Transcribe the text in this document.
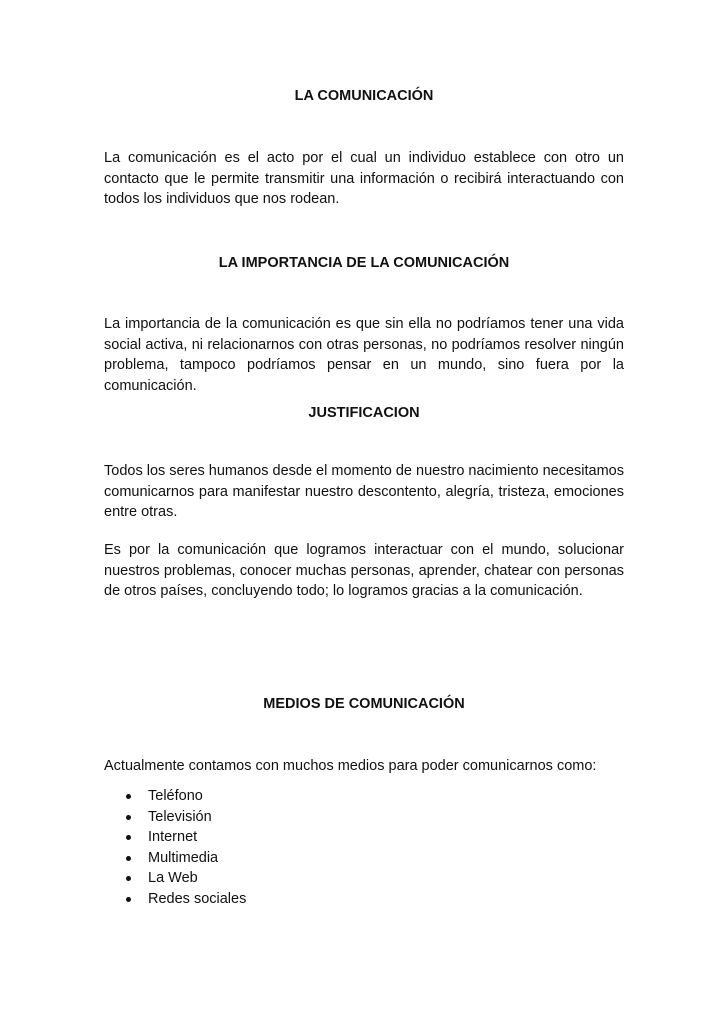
LA COMUNICACIÓN
La comunicación es el acto por el cual un individuo establece con otro un contacto que le permite transmitir una información o recibirá interactuando con todos los individuos que nos rodean.
LA IMPORTANCIA DE LA COMUNICACIÓN
La importancia de la comunicación es que sin ella no podríamos tener una vida social activa, ni relacionarnos con otras personas, no podríamos resolver ningún problema, tampoco podríamos pensar en un mundo, sino fuera por la comunicación.
JUSTIFICACION
Todos los seres humanos desde el momento de nuestro nacimiento necesitamos comunicarnos para manifestar nuestro descontento, alegría, tristeza, emociones entre otras.
Es por la comunicación que logramos interactuar con el mundo, solucionar nuestros problemas, conocer muchas personas, aprender, chatear con personas de otros países, concluyendo todo; lo logramos gracias a la comunicación.
MEDIOS DE COMUNICACIÓN
Actualmente contamos con muchos medios para poder comunicarnos como:
Teléfono
Televisión
Internet
Multimedia
La Web
Redes sociales
